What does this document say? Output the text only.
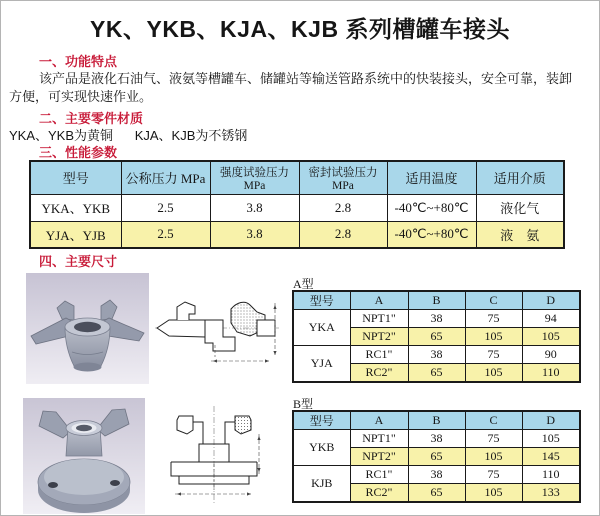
YK、YKB、KJA、KJB 系列槽罐车接头
一、功能特点
该产品是液化石油气、液氨等槽罐车、储罐站等输送管路系统中的快装接头，安全可靠，装卸
方便，可实现快速作业。
二、主要零件材质
YKA、YKB为黄铜      KJA、KJB为不锈钢
三、性能参数
型号	公称压力 MPa	强度试验压力MPa	密封试验压力MPa	适用温度	适用介质
YKA、YKB	2.5	3.8	2.8	-40℃~+80℃	液化气
YJA、YJB	2.5	3.8	2.8	-40℃~+80℃	液　氨
四、主要尺寸
A型
型号	A	B	C	D
YKA	NPT1"	38	75	94
	NPT2"	65	105	105
YJA	RC1"	38	75	90
	RC2"	65	105	110
B型
型号	A	B	C	D
YKB	NPT1"	38	75	105
	NPT2"	65	105	145
KJB	RC1"	38	75	110
	RC2"	65	105	133
